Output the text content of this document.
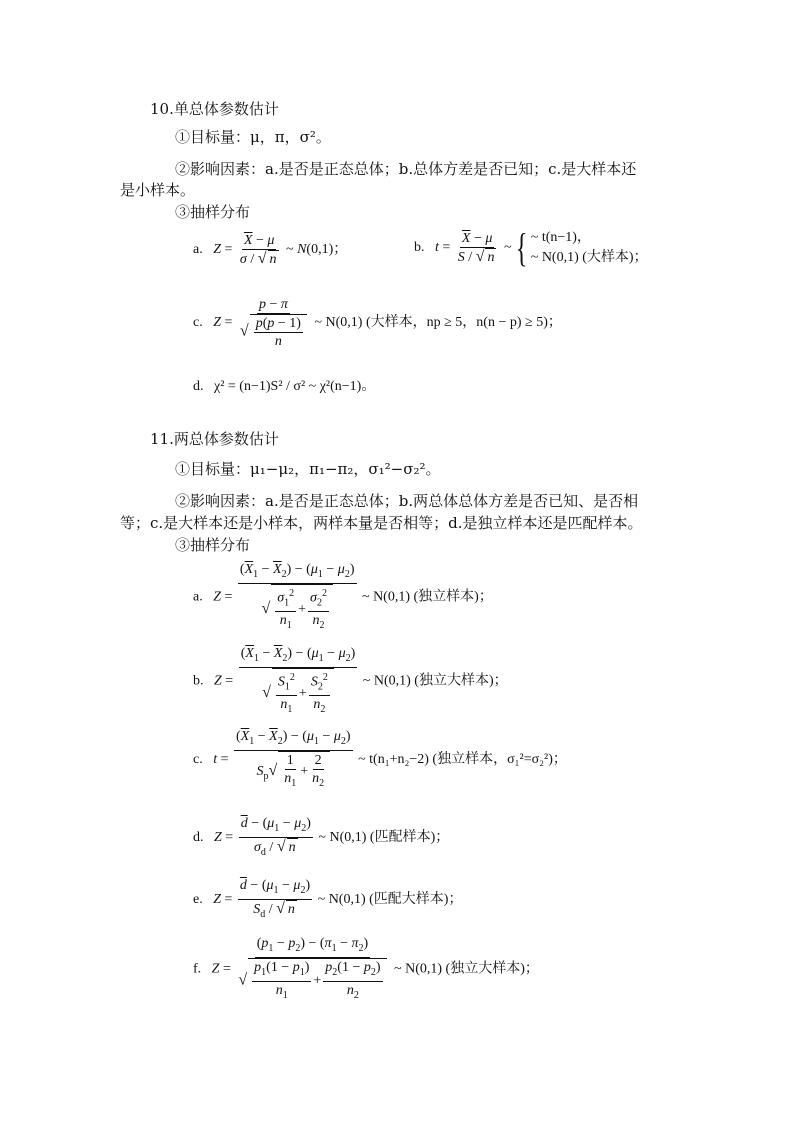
10.单总体参数估计
①目标量：μ，π，σ²。
②影响因素：a.是否是正态总体；b.总体方差是否已知；c.是大样本还
是小样本。
③抽样分布
a. $Z = \frac{\overline{X} - \mu}{\sigma / √ n}$ ~ N(0,1)；	b. $t = \frac{\overline{X} - \mu}{S / √ n}$ ~{ ~ t(n−1)，
~ N(0,1) (大样本)；
c. $Z = \frac{p - \pi}{√ \frac{p(p - 1)}{n}}$ ~ N(0,1) (大样本，np ≥ 5，n(n − p) ≥ 5)；
d. χ² = (n−1)S² / σ² ~ χ²(n−1)。
11.两总体参数估计
①目标量：μ₁−μ₂，π₁−π₂，σ₁²−σ₂²。
②影响因素：a.是否是正态总体；b.两总体总体方差是否已知、是否相
等；c.是大样本还是小样本，两样本量是否相等；d.是独立样本还是匹配样本。
③抽样分布
a. $Z = \frac{(\overline{X}_1 - \overline{X}_2) - (\mu_1 - \mu_2)}{√ \frac{\sigma_1^2}{n_1} + \frac{\sigma_2^2}{n_2}}$ ~ N(0,1) (独立样本)；
b. $Z = \frac{(\overline{X}_1 - \overline{X}_2) - (\mu_1 - \mu_2)}{√ \frac{S_1^2}{n_1} + \frac{S_2^2}{n_2}}$ ~ N(0,1) (独立大样本)；
c. $t = \frac{(\overline{X}_1 - \overline{X}_2) - (\mu_1 - \mu_2)}{S_p√ \frac{1}{n_1} + \frac{2}{n_2}}$ ~ t(n₁+n₂−2) (独立样本，σ₁²=σ₂²)；
d. $Z = \frac{\overline{d} - (\mu_1 - \mu_2)}{\sigma_d / √ n}$ ~ N(0,1) (匹配样本)；
e. $Z = \frac{\overline{d} - (\mu_1 - \mu_2)}{S_d / √ n}$ ~ N(0,1) (匹配大样本)；
f. $Z = \frac{(p_1 - p_2) - (\pi_1 - \pi_2)}{√ \frac{p_1(1 - p_1)}{n_1} + \frac{p_2(1 - p_2)}{n_2}}$ ~ N(0,1) (独立大样本)；
